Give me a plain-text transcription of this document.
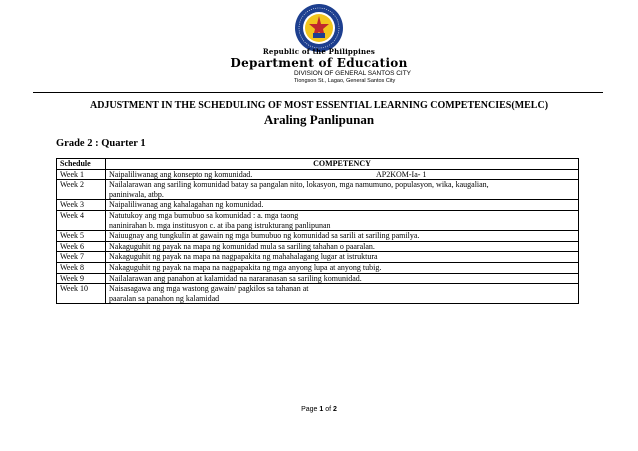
Republic of the Philippines
Department of Education
DIVISION OF GENERAL SANTOS CITY
Tiongson St., Lagao, General Santos City
ADJUSTMENT IN THE SCHEDULING OF MOST ESSENTIAL LEARNING COMPETENCIES(MELC)
Araling Panlipunan
Grade 2 : Quarter 1
Schedule	COMPETENCY
Week 1	Naipaliliwanag ang konsepto ng komunidad. AP2KOM-Ia- 1

Week 2	Nailalarawan ang sariling komunidad batay sa pangalan nito, lokasyon, mga namumuno, populasyon, wika, kaugalian,
paniniwala, atbp.

Week 3	Naipaliliwanag ang kahalagahan ng komunidad.

Week 4	Natutukoy ang mga bumubuo sa komunidad : a. mga taong
naninirahan b. mga institusyon c. at iba pang istrukturang panlipunan

Week 5	Naiuugnay ang tungkulin at gawain ng mga bumubuo ng komunidad sa sarili at sariling pamilya.

Week 6	Nakaguguhit ng payak na mapa ng komunidad mula sa sariling tahahan o paaralan.

Week 7	Nakaguguhit ng payak na mapa na nagpapakita ng mahahalagang lugar at istruktura

Week 8	Nakaguguhit ng payak na mapa na nagpapakita ng mga anyong lupa at anyong tubig.

Week 9	Nailalarawan ang panahon at kalamidad na nararanasan sa sariling komunidad.

Week 10	Naisasagawa ang mga wastong gawain/ pagkilos sa tahanan at
paaralan sa panahon ng kalamidad
Page 1 of 2
